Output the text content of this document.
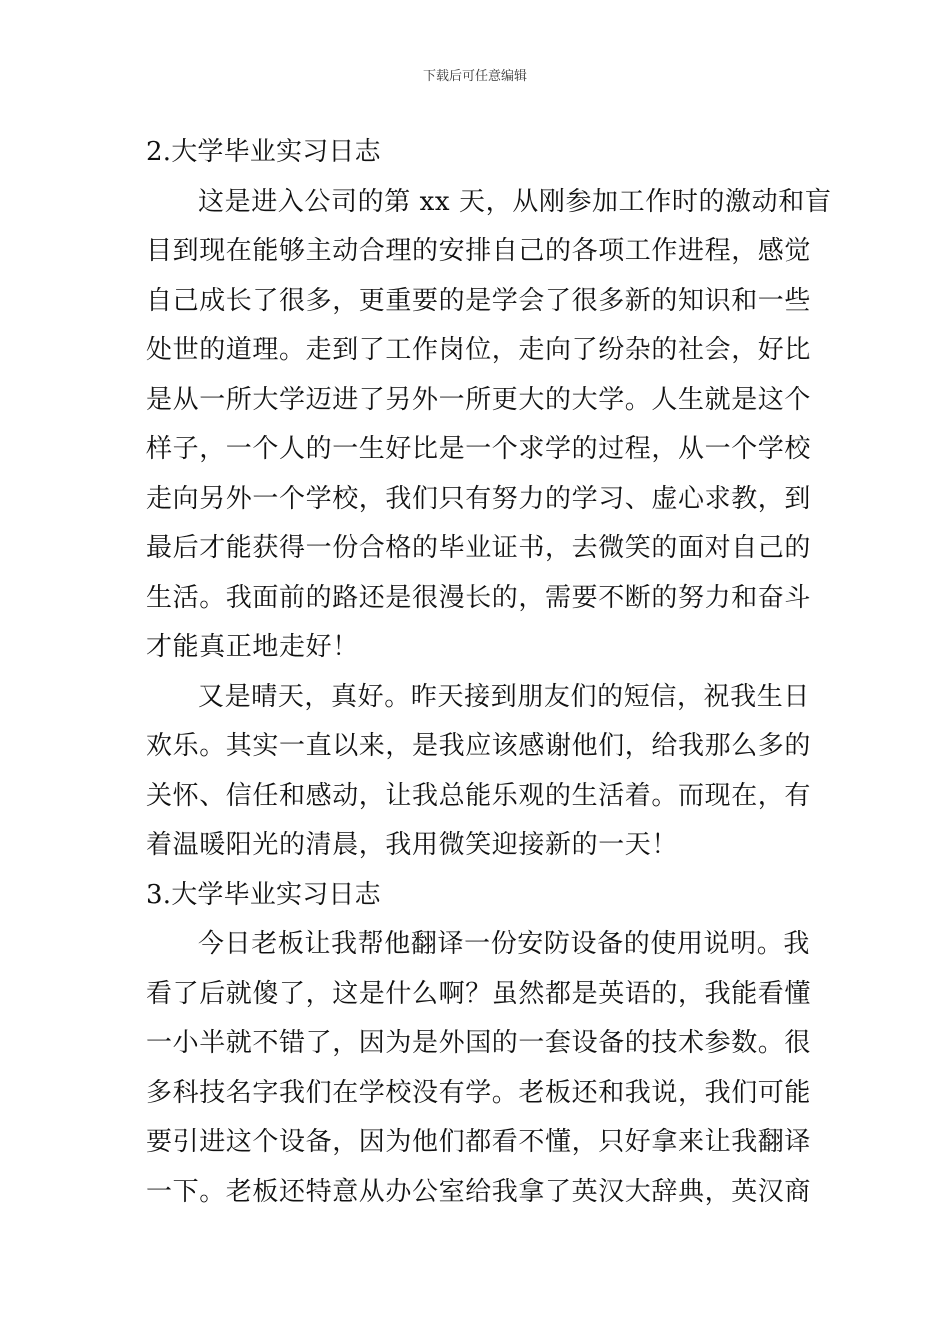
下载后可任意编辑
2.大学毕业实习日志
这是进入公司的第 xx 天，从刚参加工作时的激动和盲
目到现在能够主动合理的安排自己的各项工作进程，感觉
自己成长了很多，更重要的是学会了很多新的知识和一些
处世的道理。走到了工作岗位，走向了纷杂的社会，好比
是从一所大学迈进了另外一所更大的大学。人生就是这个
样子，一个人的一生好比是一个求学的过程，从一个学校
走向另外一个学校，我们只有努力的学习、虚心求教，到
最后才能获得一份合格的毕业证书，去微笑的面对自己的
生活。我面前的路还是很漫长的，需要不断的努力和奋斗
才能真正地走好！
又是晴天，真好。昨天接到朋友们的短信，祝我生日
欢乐。其实一直以来，是我应该感谢他们，给我那么多的
关怀、信任和感动，让我总能乐观的生活着。而现在，有
着温暖阳光的清晨，我用微笑迎接新的一天！
3.大学毕业实习日志
今日老板让我帮他翻译一份安防设备的使用说明。我
看了后就傻了，这是什么啊？虽然都是英语的，我能看懂
一小半就不错了，因为是外国的一套设备的技术参数。很
多科技名字我们在学校没有学。老板还和我说，我们可能
要引进这个设备，因为他们都看不懂，只好拿来让我翻译
一下。老板还特意从办公室给我拿了英汉大辞典，英汉商
